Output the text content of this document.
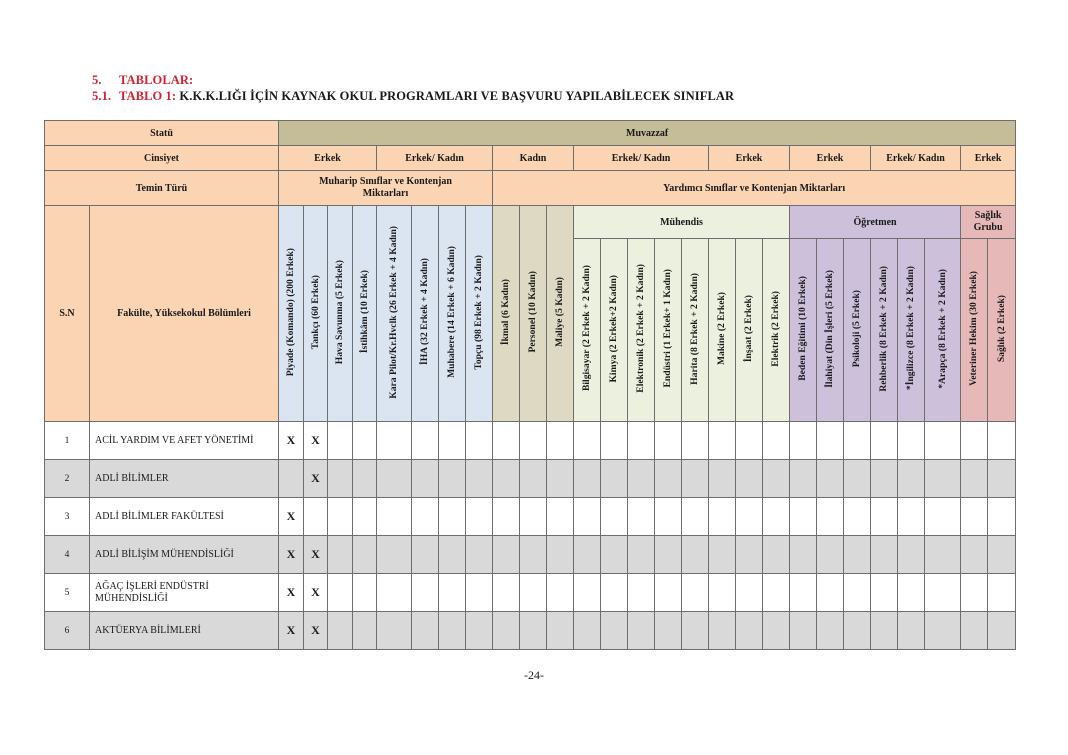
5. TABLOLAR:
5.1. TABLO 1: K.K.K.LIĞI İÇİN KAYNAK OKUL PROGRAMLARI VE BAŞVURU YAPILABİLECEK SINIFLAR
Statü		Muvazzaf																										
Cinsiyet		Erkek				Erkek/ Kadın				Kadın			Erkek/ Kadın					Erkek			Erkek			Erkek/ Kadın			Erkek	
Temin Türü		Muharip Sınıflar ve Kontenjan Miktarları								Yardımcı Sınıflar ve Kontenjan Miktarları																		
S.N	Fakülte, Yüksekokul Bölümleri	Piyade (Komando) (200 Erkek)	Tankçı (60 Erkek)	Hava Savunma (5 Erkek)	İstihkâm (10 Erkek)	Kara Pilot/Kr.Hvclk (26 Erkek + 4 Kadın)	İHA (32 Erkek + 4 Kadın)	Muhabere (14 Erkek + 6 Kadın)	Topçu (98 Erkek + 2 Kadın)	İkmal (6 Kadın)	Personel (10 Kadın)	Maliye (5 Kadın)	Mühendis								Öğretmen						Sağlık Grubu	
													Bilgisayar (2 Erkek + 2 Kadın)	Kimya (2 Erkek+2 Kadın)	Elektronik (2 Erkek + 2 Kadın)	Endüstri (1 Erkek+ 1 Kadın)	Harita (8 Erkek + 2 Kadın)	Makine (2 Erkek)	İnşaat (2 Erkek)	Elektrik (2 Erkek)	Beden Eğitimi (10 Erkek)	İlahiyat (Din İşleri (5 Erkek)	Psikoloji (5 Erkek)	Rehberlik (8 Erkek + 2 Kadın)	*İngilizce (8 Erkek + 2 Kadın)	*Arapça (8 Erkek + 2 Kadın)	Veteriner Hekim (30 Erkek)	Sağlık (2 Erkek)
1	ACİL YARDIM VE AFET YÖNETİMİ	X	X																									
2	ADLİ BİLİMLER		X																									
3	ADLİ BİLİMLER FAKÜLTESİ	X																										
4	ADLİ BİLİŞİM MÜHENDİSLİĞİ	X	X																									
5	AĞAÇ İŞLERİ ENDÜSTRİ MÜHENDİSLİĞİ	X	X																									
6	AKTÜERYA BİLİMLERİ	X	X																									
-24-
